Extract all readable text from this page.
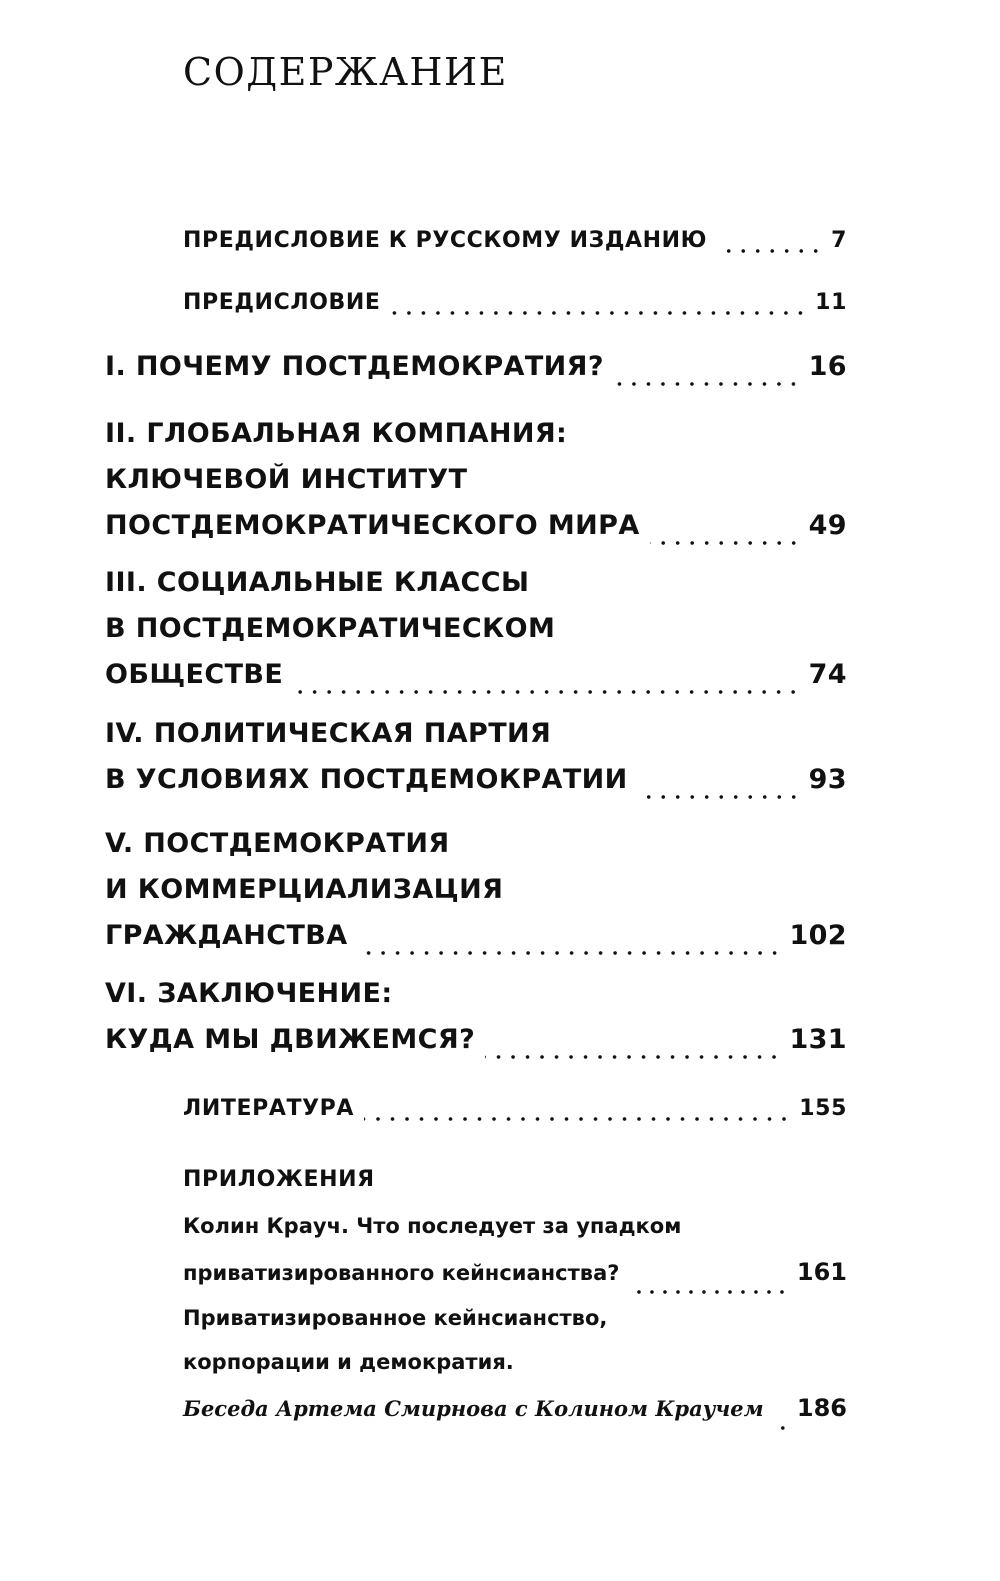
СОДЕРЖАНИЕ
ПРЕДИСЛОВИЕ К РУССКОМУ ИЗДАНИЮ	7
ПРЕДИСЛОВИЕ	11
I. ПОЧЕМУ ПОСТДЕМОКРАТИЯ?	16
II. ГЛОБАЛЬНАЯ КОМПАНИЯ:
КЛЮЧЕВОЙ ИНСТИТУТ
ПОСТДЕМОКРАТИЧЕСКОГО МИРА	49
III. СОЦИАЛЬНЫЕ КЛАССЫ
В ПОСТДЕМОКРАТИЧЕСКОМ
ОБЩЕСТВЕ	74
IV. ПОЛИТИЧЕСКАЯ ПАРТИЯ
В УСЛОВИЯХ ПОСТДЕМОКРАТИИ	93
V. ПОСТДЕМОКРАТИЯ
И КОММЕРЦИАЛИЗАЦИЯ
ГРАЖДАНСТВА	102
VI. ЗАКЛЮЧЕНИЕ:
КУДА МЫ ДВИЖЕМСЯ?	131
ЛИТЕРАТУРА	155
ПРИЛОЖЕНИЯ
Колин Крауч. Что последует за упадком
приватизированного кейнсианства?	161
Приватизированное кейнсианство,
корпорации и демократия.
Беседа Артема Смирнова с Колином Краучем 186
